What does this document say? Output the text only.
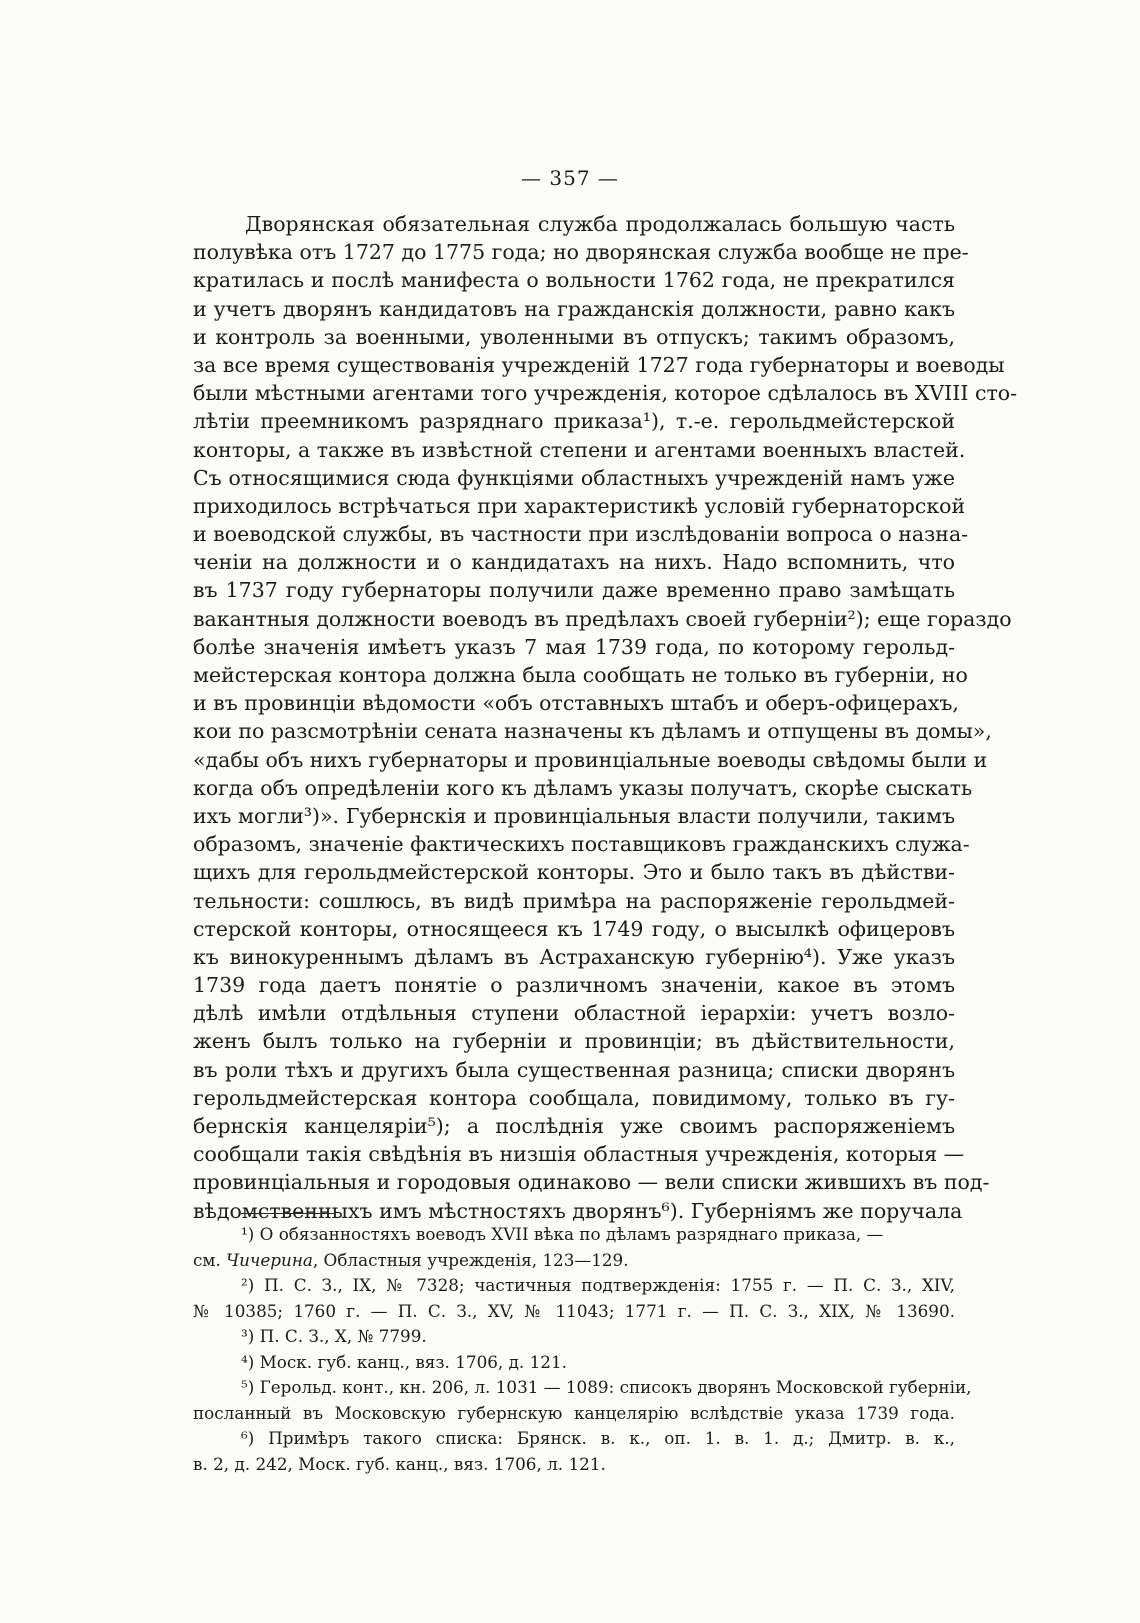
— 357 —
Дворянская обязательная служба продолжалась большую часть
полувѣка отъ 1727 до 1775 года; но дворянская служба вообще не пре-
кратилась и послѣ манифеста о вольности 1762 года, не прекратился
и учетъ дворянъ кандидатовъ на гражданскія должности, равно какъ
и контроль за военными, уволенными въ отпускъ; такимъ образомъ,
за все время существованія учрежденій 1727 года губернаторы и воеводы
были мѣстными агентами того учрежденія, которое сдѣлалось въ XVIII сто-
лѣтіи преемникомъ разряднаго приказа¹), т.-е. герольдмейстерской
конторы, а также въ извѣстной степени и агентами военныхъ властей.
Съ относящимися сюда функціями областныхъ учрежденій намъ уже
приходилось встрѣчаться при характеристикѣ условій губернаторской
и воеводской службы, въ частности при изслѣдованіи вопроса о назна-
ченіи на должности и о кандидатахъ на нихъ. Надо вспомнить, что
въ 1737 году губернаторы получили даже временно право замѣщать
вакантныя должности воеводъ въ предѣлахъ своей губерніи²); еще гораздо
болѣе значенія имѣетъ указъ 7 мая 1739 года, по которому герольд-
мейстерская контора должна была сообщать не только въ губерніи, но
и въ провинціи вѣдомости «объ отставныхъ штабъ и оберъ-офицерахъ,
кои по разсмотрѣніи сената назначены къ дѣламъ и отпущены въ домы»,
«дабы объ нихъ губернаторы и провинціальные воеводы свѣдомы были и
когда объ опредѣленіи кого къ дѣламъ указы получатъ, скорѣе сыскать
ихъ могли³)». Губернскія и провинціальныя власти получили, такимъ
образомъ, значеніе фактическихъ поставщиковъ гражданскихъ служа-
щихъ для герольдмейстерской конторы. Это и было такъ въ дѣйстви-
тельности: сошлюсь, въ видѣ примѣра на распоряженіе герольдмей-
стерской конторы, относящееся къ 1749 году, о высылкѣ офицеровъ
къ винокуреннымъ дѣламъ въ Астраханскую губернію⁴). Уже указъ
1739 года даетъ понятіе о различномъ значеніи, какое въ этомъ
дѣлѣ имѣли отдѣльныя ступени областной іерархіи: учетъ возло-
женъ былъ только на губерніи и провинціи; въ дѣйствительности,
въ роли тѣхъ и другихъ была существенная разница; списки дворянъ
герольдмейстерская контора сообщала, повидимому, только въ гу-
бернскія канцеляріи⁵); а послѣднія уже своимъ распоряженіемъ
сообщали такія свѣдѣнія въ низшія областныя учрежденія, которыя —
провинціальныя и городовыя одинаково — вели списки жившихъ въ под-
вѣдомственныхъ имъ мѣстностяхъ дворянъ⁶). Губерніямъ же поручала
¹) О обязанностяхъ воеводъ XVII вѣка по дѣламъ разряднаго приказа, —
см. Чичерина, Областныя учрежденія, 123—129.
²) П. С. З., IX, № 7328; частичныя подтвержденія: 1755 г. — П. С. З., XIV,
№ 10385; 1760 г. — П. С. З., XV, № 11043; 1771 г. — П. С. З., XIX, № 13690.
³) П. С. З., X, № 7799.
⁴) Моск. губ. канц., вяз. 1706, д. 121.
⁵) Герольд. конт., кн. 206, л. 1031 — 1089: списокъ дворянъ Московской губерніи,
посланный въ Московскую губернскую канцелярію вслѣдствіе указа 1739 года.
⁶) Примѣръ такого списка: Брянск. в. к., оп. 1. в. 1. д.; Дмитр. в. к.,
в. 2, д. 242, Моск. губ. канц., вяз. 1706, л. 121.
